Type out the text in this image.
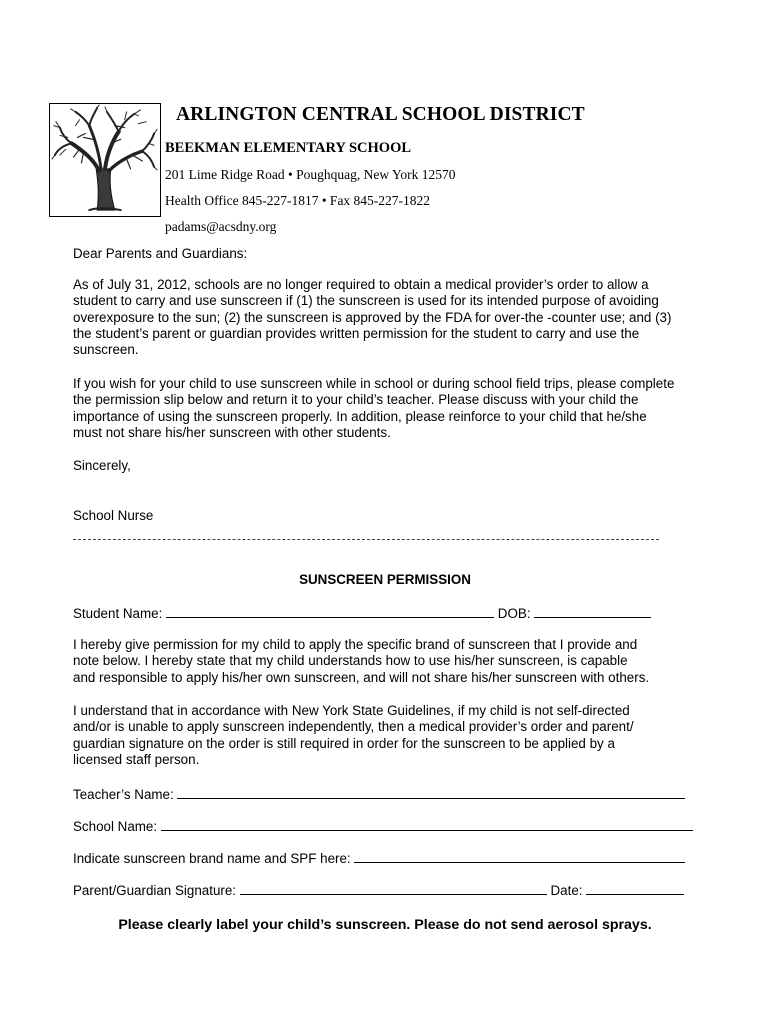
ARLINGTON CENTRAL SCHOOL DISTRICT
BEEKMAN ELEMENTARY SCHOOL
201 Lime Ridge Road • Poughquag, New York 12570
Health Office 845-227-1817 • Fax 845-227-1822
padams@acsdny.org
Dear Parents and Guardians:
As of July 31, 2012, schools are no longer required to obtain a medical provider’s order to allow a
student to carry and use sunscreen if (1) the sunscreen is used for its intended purpose of avoiding
overexposure to the sun; (2) the sunscreen is approved by the FDA for over-the -counter use; and (3)
the student’s parent or guardian provides written permission for the student to carry and use the
sunscreen.
If you wish for your child to use sunscreen while in school or during school field trips, please complete
the permission slip below and return it to your child’s teacher. Please discuss with your child the
importance of using the sunscreen properly. In addition, please reinforce to your child that he/she
must not share his/her sunscreen with other students.
Sincerely,
School Nurse
SUNSCREEN PERMISSION
Student Name:	DOB:
I hereby give permission for my child to apply the specific brand of sunscreen that I provide and
note below. I hereby state that my child understands how to use his/her sunscreen, is capable
and responsible to apply his/her own sunscreen, and will not share his/her sunscreen with others.
I understand that in accordance with New York State Guidelines, if my child is not self-directed
and/or is unable to apply sunscreen independently, then a medical provider’s order and parent/
guardian signature on the order is still required in order for the sunscreen to be applied by a
licensed staff person.
Teacher’s Name:
School Name:
Indicate sunscreen brand name and SPF here:
Parent/Guardian Signature:	Date:
Please clearly label your child’s sunscreen. Please do not send aerosol sprays.
